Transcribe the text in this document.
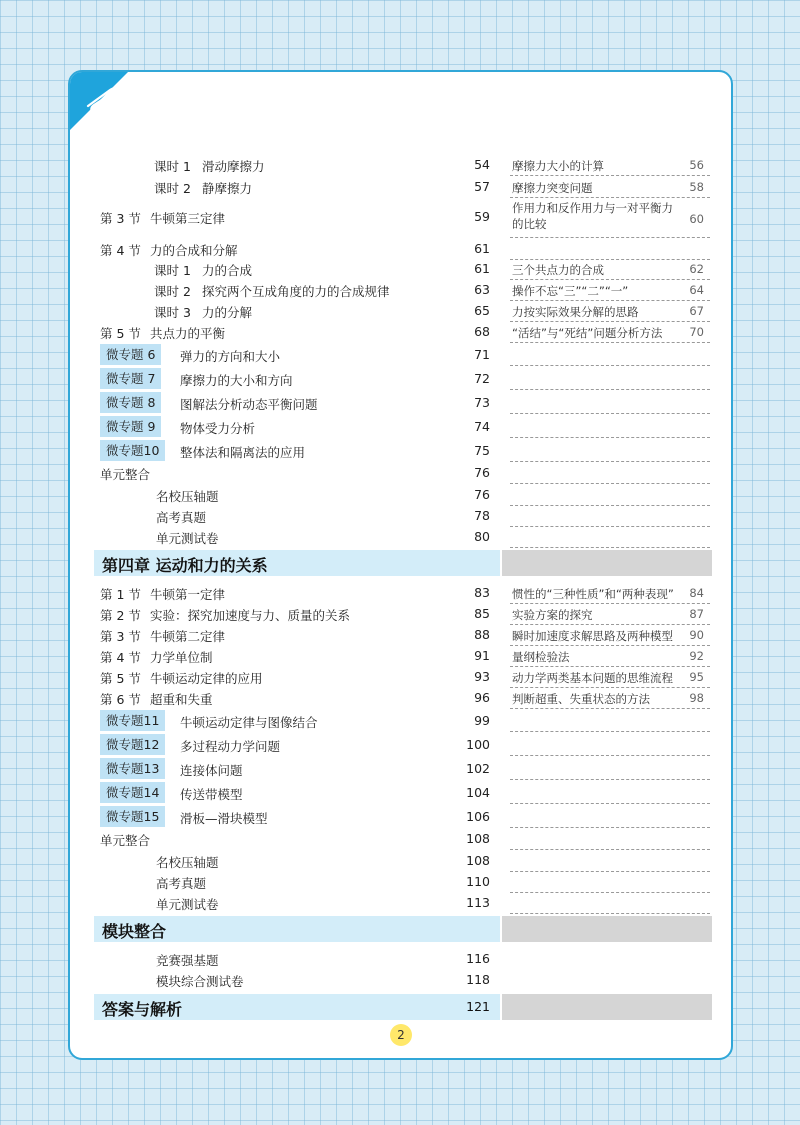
课时 1 滑动摩擦力	54
课时 2 静摩擦力	57
第 3 节 牛顿第三定律	59
第 4 节 力的合成和分解	61
课时 1 力的合成	61
课时 2 探究两个互成角度的力的合成规律	63
课时 3 力的分解	65
第 5 节 共点力的平衡	68
微专题 6	弹力的方向和大小	71
微专题 7	摩擦力的大小和方向	72
微专题 8	图解法分析动态平衡问题	73
微专题 9	物体受力分析	74
微专题10	整体法和隔离法的应用	75
单元整合	76
名校压轴题	76
高考真题	78
单元测试卷	80
摩擦力大小的计算	56
摩擦力突变问题	58
作用力和反作用力与一对平衡力的比较	60
三个共点力的合成	62
操作不忘“三”“二”“一”	64
力按实际效果分解的思路	67
“活结”与“死结”问题分析方法 70
第四章 运动和力的关系
第 1 节 牛顿第一定律	83
第 2 节 实验：探究加速度与力、质量的关系	85
第 3 节 牛顿第二定律	88
第 4 节 力学单位制	91
第 5 节 牛顿运动定律的应用	93
第 6 节 超重和失重	96
微专题11	牛顿运动定律与图像结合	99
微专题12	多过程动力学问题	100
微专题13	连接体问题	102
微专题14	传送带模型	104
微专题15	滑板—滑块模型	106
单元整合	108
名校压轴题	108
高考真题	110
单元测试卷	113
惯性的“三种性质”和“两种表现” 84
实验方案的探究	87
瞬时加速度求解思路及两种模型 90
量纲检验法	92
动力学两类基本问题的思维流程 95
判断超重、失重状态的方法	98
模块整合
竞赛强基题	116
模块综合测试卷	118
答案与解析	121
2
